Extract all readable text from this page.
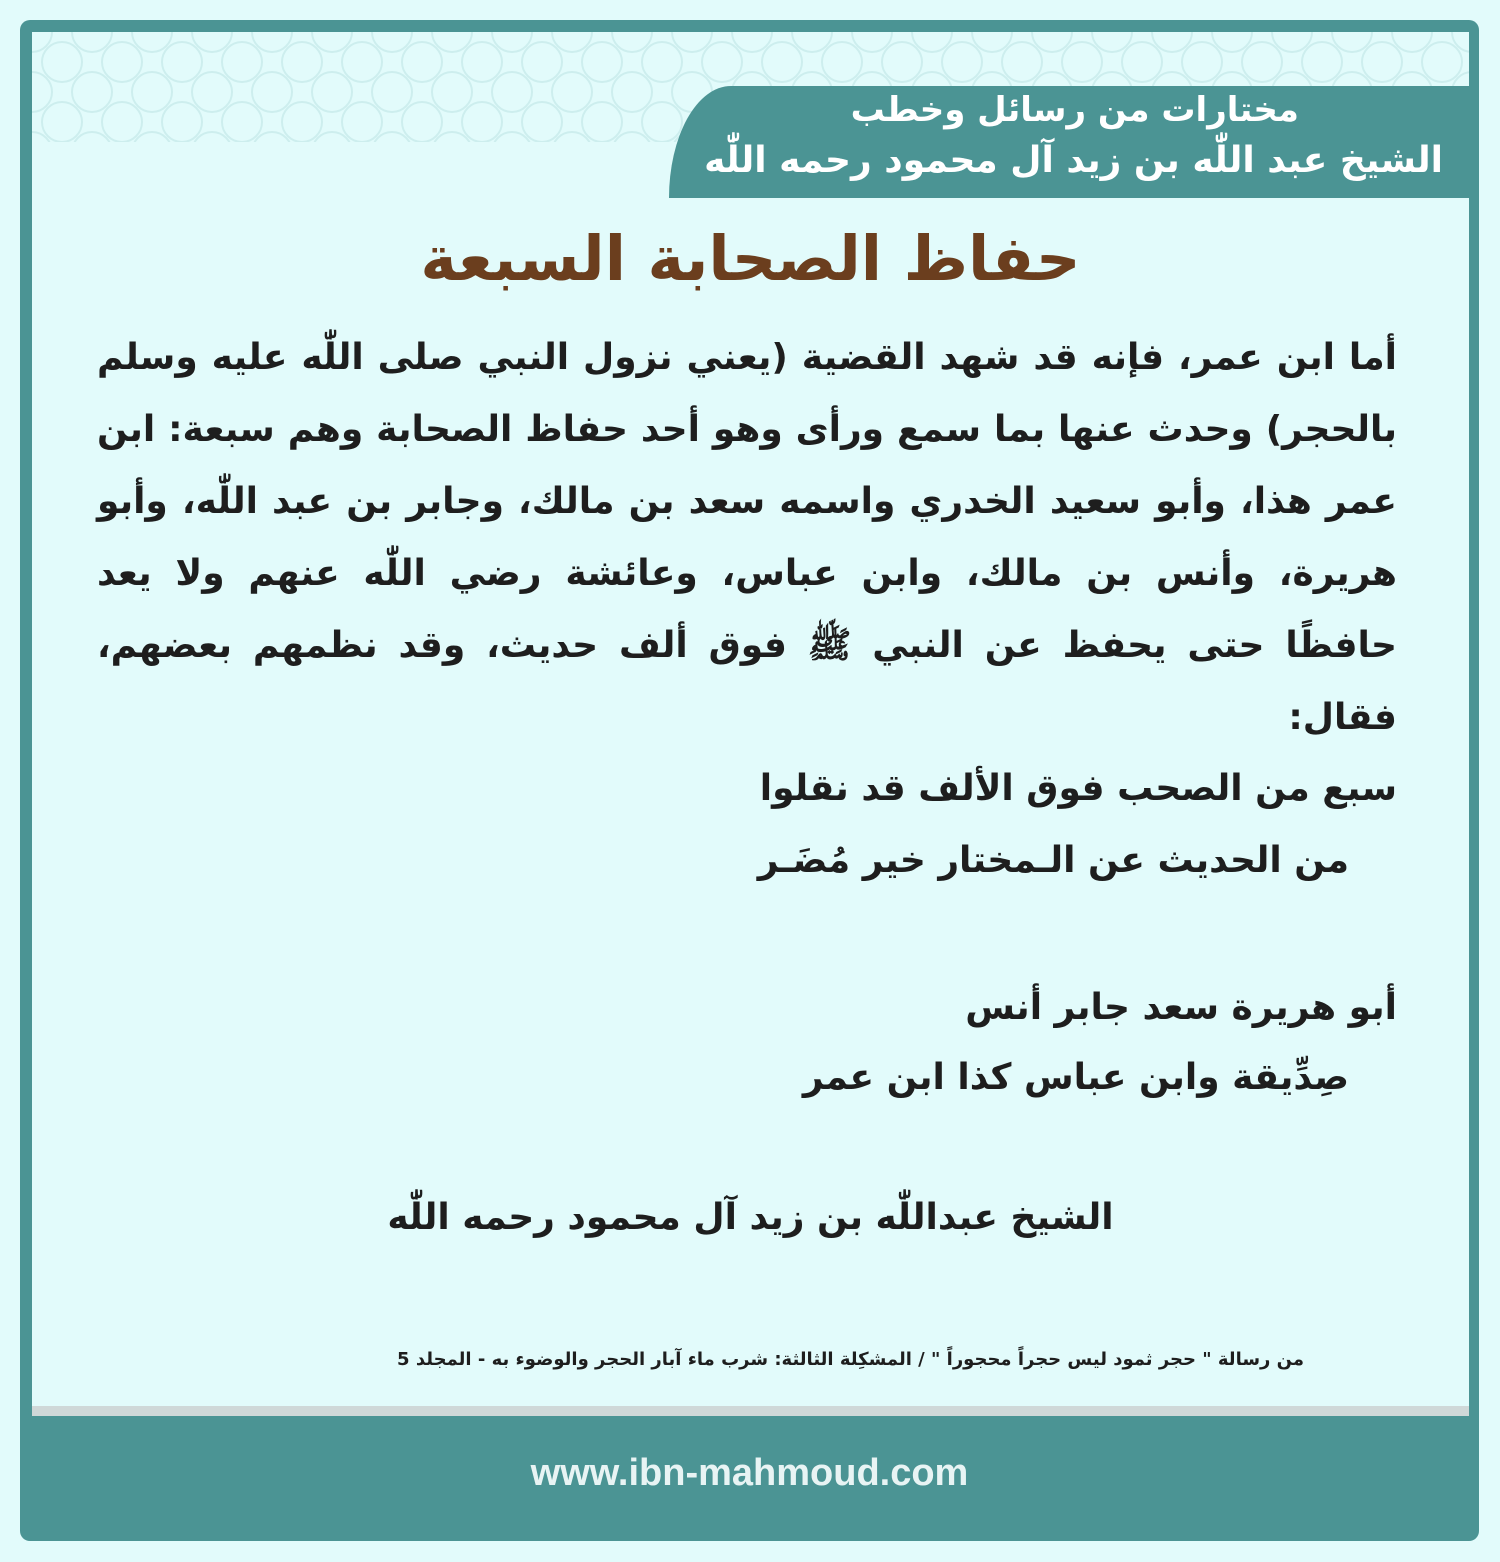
مختارات من رسائل وخطب
الشيخ عبد اللّٰه بن زيد آل محمود رحمه اللّٰه
حفاظ الصحابة السبعة

أما ابن عمر، فإنه قد شهد القضية (يعني نزول النبي صلى اللّٰه عليه وسلم بالحجر) وحدث عنها بما سمع ورأى وهو أحد حفاظ الصحابة وهم سبعة: ابن عمر هذا، وأبو سعيد الخدري واسمه سعد بن مالك، وجابر بن عبد اللّٰه، وأبو هريرة، وأنس بن مالك، وابن عباس، وعائشة رضي اللّٰه عنهم ولا يعد حافظًا حتى يحفظ عن النبي ﷺ فوق ألف حديث، وقد نظمهم بعضهم، فقال:

سبع من الصحب فوق الألف قد نقلوا
من الحديث عن الـمختار خير مُضَـر
أبو هريرة سعد جابر أنس
صِدِّيقة وابن عباس كذا ابن عمر
الشيخ عبداللّٰه بن زيد آل محمود رحمه اللّٰه
من رسالة " حجر ثمود ليس حجراً محجوراً " / المشكِلة الثالثة: شرب ماء آبار الحجر والوضوء به - المجلد 5
www.ibn-mahmoud.com
